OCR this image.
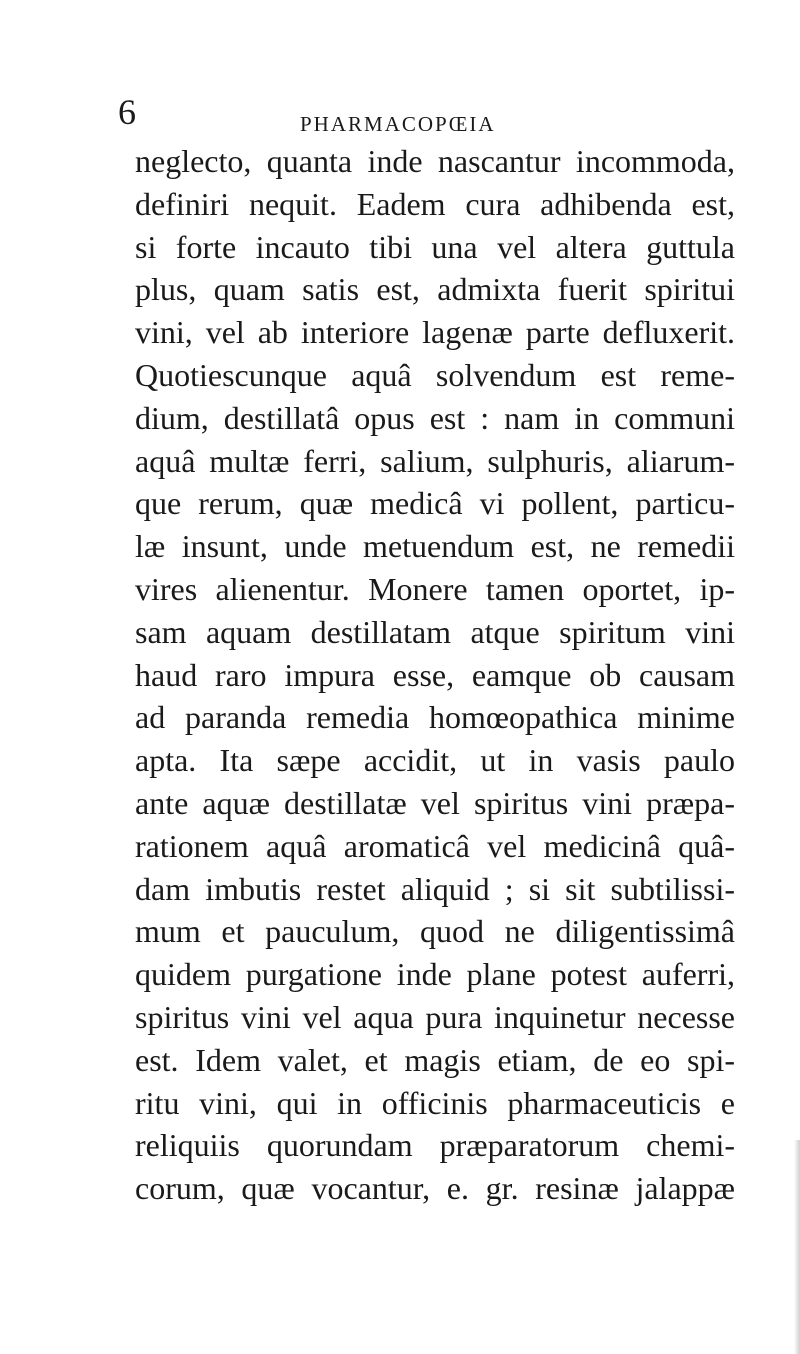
6	PHARMACOPŒIA
neglecto, quanta inde nascantur incommoda,
definiri nequit. Eadem cura adhibenda est,
si forte incauto tibi una vel altera guttula
plus, quam satis est, admixta fuerit spiritui
vini, vel ab interiore lagenæ parte defluxerit.
Quotiescunque aquâ solvendum est reme-
dium, destillatâ opus est : nam in communi
aquâ multæ ferri, salium, sulphuris, aliarum-
que rerum, quæ medicâ vi pollent, particu-
læ insunt, unde metuendum est, ne remedii
vires alienentur. Monere tamen oportet, ip-
sam aquam destillatam atque spiritum vini
haud raro impura esse, eamque ob causam
ad paranda remedia homœopathica minime
apta. Ita sæpe accidit, ut in vasis paulo
ante aquæ destillatæ vel spiritus vini præpa-
rationem aquâ aromaticâ vel medicinâ quâ-
dam imbutis restet aliquid ; si sit subtilissi-
mum et pauculum, quod ne diligentissimâ
quidem purgatione inde plane potest auferri,
spiritus vini vel aqua pura inquinetur necesse
est. Idem valet, et magis etiam, de eo spi-
ritu vini, qui in officinis pharmaceuticis e
reliquiis quorundam præparatorum chemi-
corum, quæ vocantur, e. gr. resinæ jalappæ
